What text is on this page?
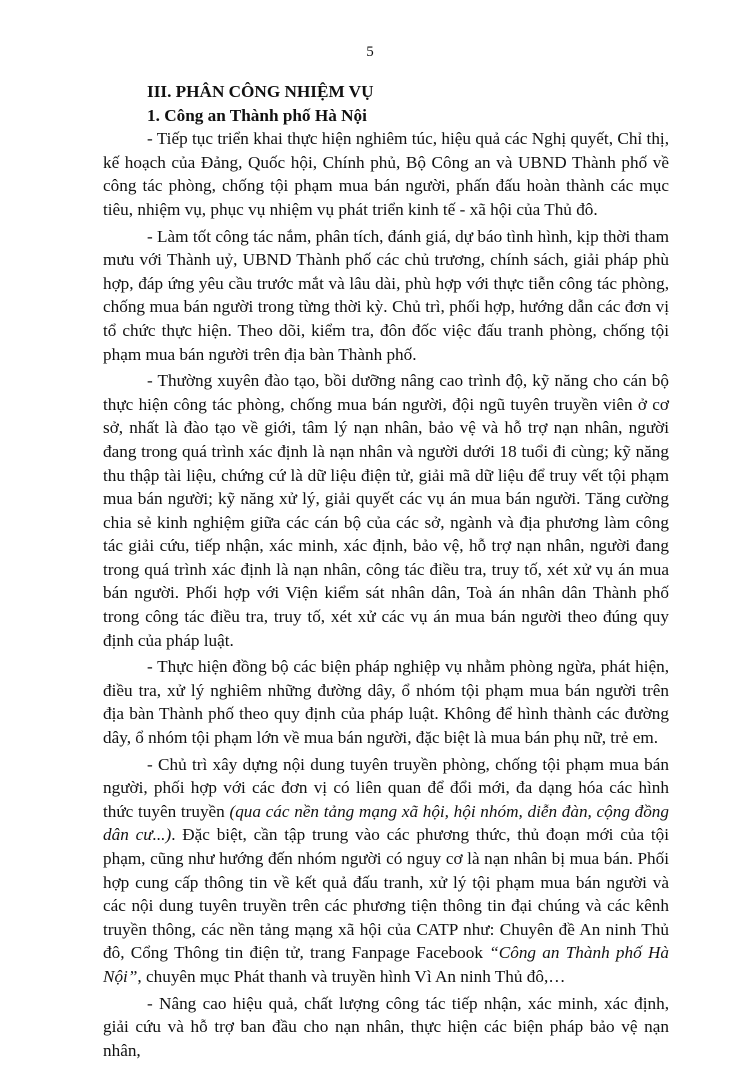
5

III. PHÂN CÔNG NHIỆM VỤ

1. Công an Thành phố Hà Nội

- Tiếp tục triển khai thực hiện nghiêm túc, hiệu quả các Nghị quyết, Chỉ thị, kế hoạch của Đảng, Quốc hội, Chính phủ, Bộ Công an và UBND Thành phố về công tác phòng, chống tội phạm mua bán người, phấn đấu hoàn thành các mục tiêu, nhiệm vụ, phục vụ nhiệm vụ phát triển kinh tế - xã hội của Thủ đô.

- Làm tốt công tác nắm, phân tích, đánh giá, dự báo tình hình, kịp thời tham mưu với Thành uỷ, UBND Thành phố các chủ trương, chính sách, giải pháp phù hợp, đáp ứng yêu cầu trước mắt và lâu dài, phù hợp với thực tiễn công tác phòng, chống mua bán người trong từng thời kỳ. Chủ trì, phối hợp, hướng dẫn các đơn vị tổ chức thực hiện. Theo dõi, kiểm tra, đôn đốc việc đấu tranh phòng, chống tội phạm mua bán người trên địa bàn Thành phố.

- Thường xuyên đào tạo, bồi dưỡng nâng cao trình độ, kỹ năng cho cán bộ thực hiện công tác phòng, chống mua bán người, đội ngũ tuyên truyền viên ở cơ sở, nhất là đào tạo về giới, tâm lý nạn nhân, bảo vệ và hỗ trợ nạn nhân, người đang trong quá trình xác định là nạn nhân và người dưới 18 tuổi đi cùng; kỹ năng thu thập tài liệu, chứng cứ là dữ liệu điện tử, giải mã dữ liệu để truy vết tội phạm mua bán người; kỹ năng xử lý, giải quyết các vụ án mua bán người. Tăng cường chia sẻ kinh nghiệm giữa các cán bộ của các sở, ngành và địa phương làm công tác giải cứu, tiếp nhận, xác minh, xác định, bảo vệ, hỗ trợ nạn nhân, người đang trong quá trình xác định là nạn nhân, công tác điều tra, truy tố, xét xử vụ án mua bán người. Phối hợp với Viện kiểm sát nhân dân, Toà án nhân dân Thành phố trong công tác điều tra, truy tố, xét xử các vụ án mua bán người theo đúng quy định của pháp luật.

- Thực hiện đồng bộ các biện pháp nghiệp vụ nhằm phòng ngừa, phát hiện, điều tra, xử lý nghiêm những đường dây, ổ nhóm tội phạm mua bán người trên địa bàn Thành phố theo quy định của pháp luật. Không để hình thành các đường dây, ổ nhóm tội phạm lớn về mua bán người, đặc biệt là mua bán phụ nữ, trẻ em.

- Chủ trì xây dựng nội dung tuyên truyền phòng, chống tội phạm mua bán người, phối hợp với các đơn vị có liên quan để đổi mới, đa dạng hóa các hình thức tuyên truyền (qua các nền tảng mạng xã hội, hội nhóm, diễn đàn, cộng đồng dân cư...). Đặc biệt, cần tập trung vào các phương thức, thủ đoạn mới của tội phạm, cũng như hướng đến nhóm người có nguy cơ là nạn nhân bị mua bán. Phối hợp cung cấp thông tin về kết quả đấu tranh, xử lý tội phạm mua bán người và các nội dung tuyên truyền trên các phương tiện thông tin đại chúng và các kênh truyền thông, các nền tảng mạng xã hội của CATP như: Chuyên đề An ninh Thủ đô, Cổng Thông tin điện tử, trang Fanpage Facebook “Công an Thành phố Hà Nội”, chuyên mục Phát thanh và truyền hình Vì An ninh Thủ đô,…

- Nâng cao hiệu quả, chất lượng công tác tiếp nhận, xác minh, xác định, giải cứu và hỗ trợ ban đầu cho nạn nhân, thực hiện các biện pháp bảo vệ nạn nhân,
